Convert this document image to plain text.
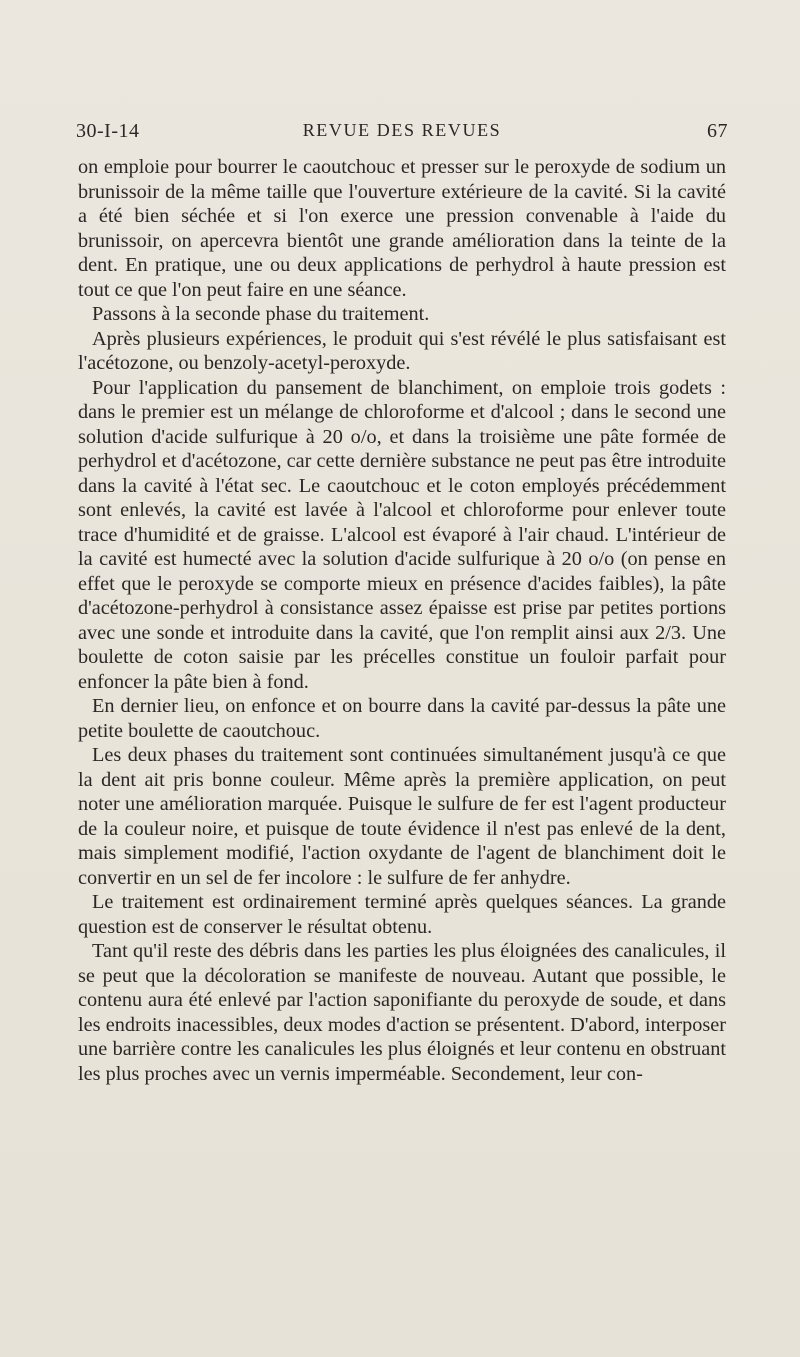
30-I-14	REVUE DES REVUES	67

on emploie pour bourrer le caoutchouc et presser sur le peroxyde de sodium un brunissoir de la même taille que l'ouverture extérieure de la cavité. Si la cavité a été bien séchée et si l'on exerce une pression convenable à l'aide du brunissoir, on apercevra bientôt une grande amélioration dans la teinte de la dent. En pratique, une ou deux applications de perhydrol à haute pression est tout ce que l'on peut faire en une séance.

Passons à la seconde phase du traitement.

Après plusieurs expériences, le produit qui s'est révélé le plus satisfaisant est l'acétozone, ou benzoly-acetyl-peroxyde.

Pour l'application du pansement de blanchiment, on emploie trois godets : dans le premier est un mélange de chloroforme et d'alcool ; dans le second une solution d'acide sulfurique à 20 o/o, et dans la troisième une pâte formée de perhydrol et d'acétozone, car cette dernière substance ne peut pas être introduite dans la cavité à l'état sec. Le caoutchouc et le coton employés précédemment sont enlevés, la cavité est lavée à l'alcool et chloroforme pour enlever toute trace d'humidité et de graisse. L'alcool est évaporé à l'air chaud. L'intérieur de la cavité est humecté avec la solution d'acide sulfurique à 20 o/o (on pense en effet que le peroxyde se comporte mieux en présence d'acides faibles), la pâte d'acétozone-perhydrol à consistance assez épaisse est prise par petites portions avec une sonde et introduite dans la cavité, que l'on remplit ainsi aux 2/3. Une boulette de coton saisie par les précelles constitue un fouloir parfait pour enfoncer la pâte bien à fond.

En dernier lieu, on enfonce et on bourre dans la cavité par-dessus la pâte une petite boulette de caoutchouc.

Les deux phases du traitement sont continuées simultanément jusqu'à ce que la dent ait pris bonne couleur. Même après la première application, on peut noter une amélioration marquée. Puisque le sulfure de fer est l'agent producteur de la couleur noire, et puisque de toute évidence il n'est pas enlevé de la dent, mais simplement modifié, l'action oxydante de l'agent de blanchiment doit le convertir en un sel de fer incolore : le sulfure de fer anhydre.

Le traitement est ordinairement terminé après quelques séances. La grande question est de conserver le résultat obtenu.

Tant qu'il reste des débris dans les parties les plus éloignées des canalicules, il se peut que la décoloration se manifeste de nouveau. Autant que possible, le contenu aura été enlevé par l'action saponifiante du peroxyde de soude, et dans les endroits inacessibles, deux modes d'action se présentent. D'abord, interposer une barrière contre les canalicules les plus éloignés et leur contenu en obstruant les plus proches avec un vernis imperméable. Secondement, leur con-
